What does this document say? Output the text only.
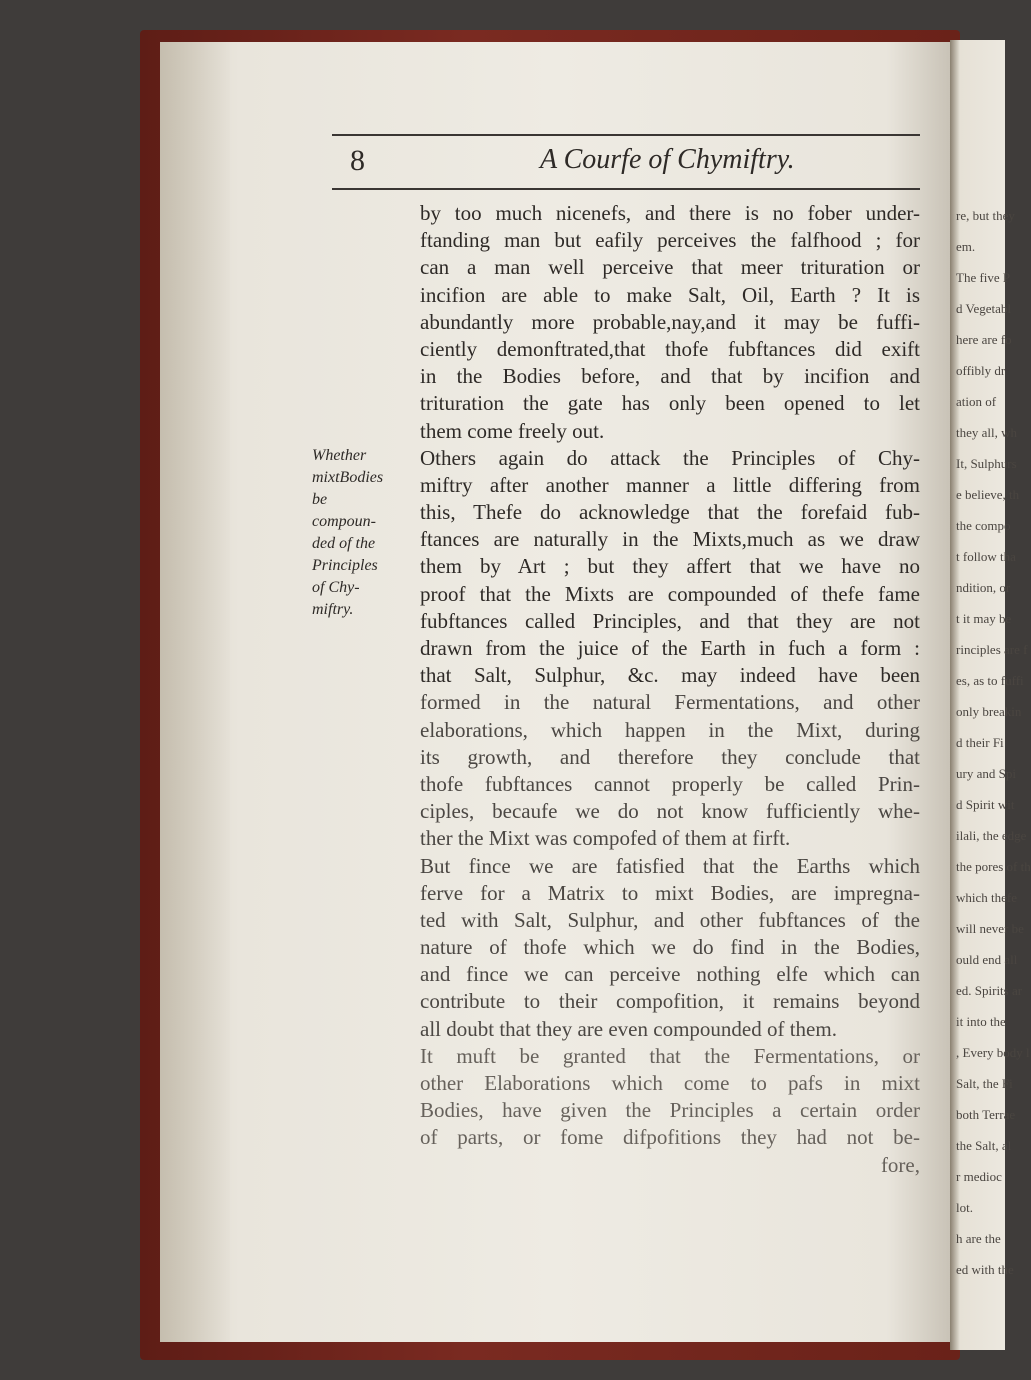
re, but they
em.
The five P
d Vegetabl
here are fo
offibly dr
ation of
they all, wh
It, Sulphurs
e believe, th
the compo
t follow tha
ndition, or
t it may be
rinciples are f
es, as to fuffi
only breakin
d their Fi
ury and Spi
d Spirit wit
ilali, the edge
the pores of th
which thefe
will never be
ould end all
ed. Spirits ar
it into the
, Every body l
Salt, the Fi
both Terrae
the Salt, al
r medioc
lot.
h are the
ed with the
8	A Courfe of Chymiftry.
Whether
mixtBodies
be compoun-
ded of the
Principles
of Chy-
miftry.
by too much nicenefs, and there is no fober under-
ftanding man but eafily perceives the falfhood ; for
can a man well perceive that meer trituration or
incifion are able to make Salt, Oil, Earth ? It is
abundantly more probable,nay,and it may be fuffi-
ciently demonftrated,that thofe fubftances did exift
in the Bodies before, and that by incifion and
trituration the gate has only been opened to let
them come freely out.
Others again do attack the Principles of Chy-
miftry after another manner a little differing from
this, Thefe do acknowledge that the forefaid fub-
ftances are naturally in the Mixts,much as we draw
them by Art ; but they affert that we have no
proof that the Mixts are compounded of thefe fame
fubftances called Principles, and that they are not
drawn from the juice of the Earth in fuch a form :
that Salt, Sulphur, &c. may indeed have been
formed in the natural Fermentations, and other
elaborations, which happen in the Mixt, during
its growth, and therefore they conclude that
thofe fubftances cannot properly be called Prin-
ciples, becaufe we do not know fufficiently whe-
ther the Mixt was compofed of them at firft.
But fince we are fatisfied that the Earths which
ferve for a Matrix to mixt Bodies, are impregna-
ted with Salt, Sulphur, and other fubftances of the
nature of thofe which we do find in the Bodies,
and fince we can perceive nothing elfe which can
contribute to their compofition, it remains beyond
all doubt that they are even compounded of them.
It muft be granted that the Fermentations, or
other Elaborations which come to pafs in mixt
Bodies, have given the Principles a certain order
of parts, or fome difpofitions they had not be-
fore,
